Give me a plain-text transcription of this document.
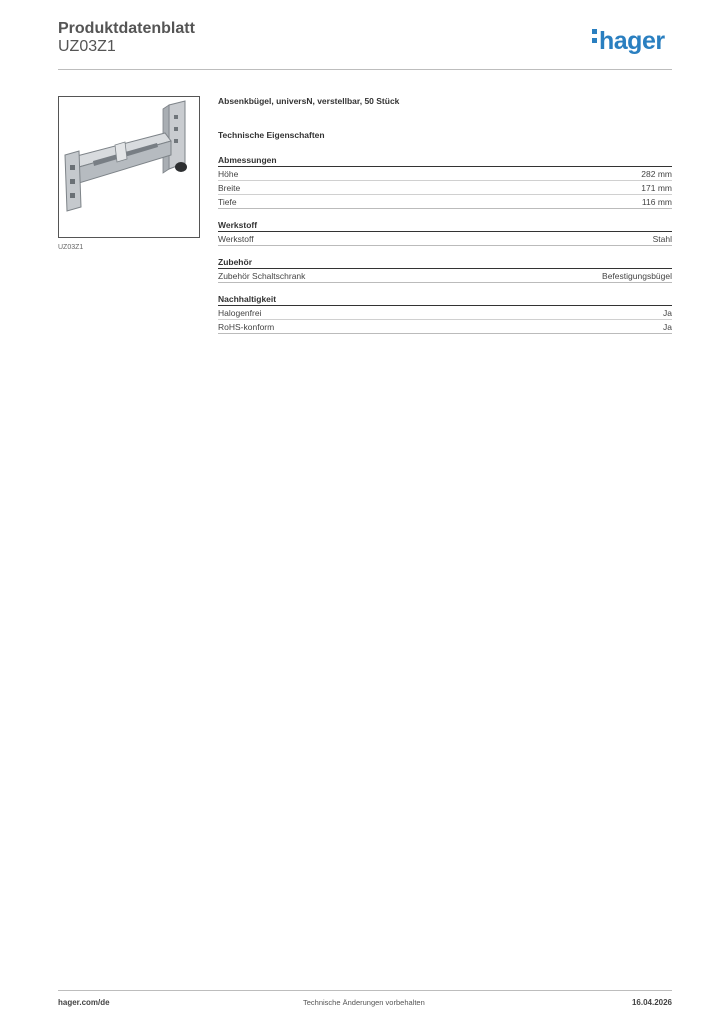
Produktdatenblatt
UZ03Z1	hager
UZ03Z1
Absenkbügel, universN, verstellbar, 50 Stück
Technische Eigenschaften
Abmessungen
Höhe	282 mm
Breite	171 mm
Tiefe	116 mm
Werkstoff
Werkstoff	Stahl
Zubehör
Zubehör Schaltschrank	Befestigungsbügel
Nachhaltigkeit
Halogenfrei	Ja
RoHS-konform	Ja
hager.com/de	Technische Änderungen vorbehalten	16.04.2026
